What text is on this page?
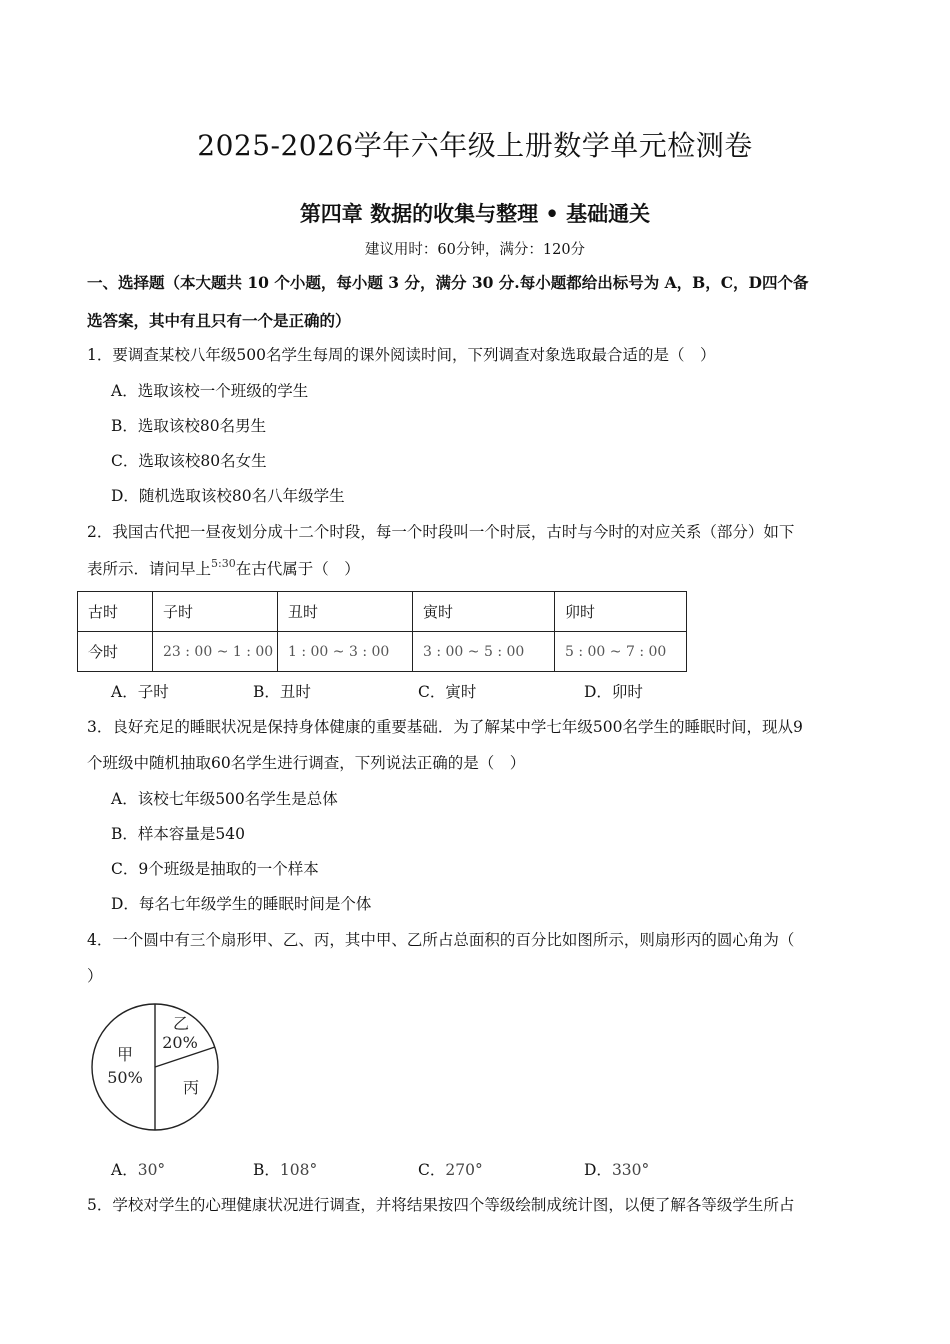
2025-2026学年六年级上册数学单元检测卷
第四章 数据的收集与整理 • 基础通关
建议用时：60分钟，满分：120分
一、选择题（本大题共 10 个小题，每小题 3 分，满分 30 分.每小题都给出标号为 A，B，C，D四个备
选答案，其中有且只有一个是正确的）
1．要调查某校八年级500名学生每周的课外阅读时间，下列调查对象选取最合适的是（　）
A．选取该校一个班级的学生
B．选取该校80名男生
C．选取该校80名女生
D．随机选取该校80名八年级学生
2．我国古代把一昼夜划分成十二个时段，每一个时段叫一个时辰，古时与今时的对应关系（部分）如下
表所示．请问早上$^{5:30}$在古代属于（　）
古时	子时	丑时	寅时	卯时
今时	23 : 00 ~ 1 : 00	1 : 00 ~ 3 : 00	3 : 00 ~ 5 : 00	5 : 00 ~ 7 : 00
A．子时	B．丑时	C．寅时	D．卯时
3．良好充足的睡眠状况是保持身体健康的重要基础．为了解某中学七年级500名学生的睡眠时间，现从9
个班级中随机抽取60名学生进行调查，下列说法正确的是（　）
A．该校七年级500名学生是总体
B．样本容量是540
C．9个班级是抽取的一个样本
D．每名七年级学生的睡眠时间是个体
4．一个圆中有三个扇形甲、乙、丙，其中甲、乙所占总面积的百分比如图所示，则扇形丙的圆心角为（
）
乙
20%
甲
50%
丙
A．30°	B．108°	C．270°	D．330°
5．学校对学生的心理健康状况进行调查，并将结果按四个等级绘制成统计图，以便了解各等级学生所占
